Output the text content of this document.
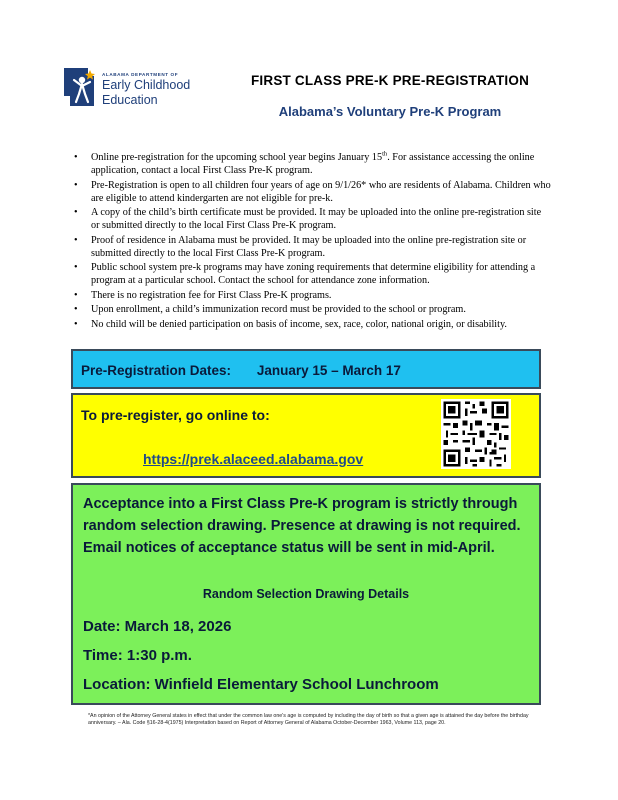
ALABAMA DEPARTMENT OF
Early Childhood
Education
FIRST CLASS PRE-K PRE-REGISTRATION
Alabama’s Voluntary Pre-K Program
• Online pre-registration for the upcoming school year begins January 15th. For assistance accessing the online application, contact a local First Class Pre-K program.
• Pre-Registration is open to all children four years of age on 9/1/26* who are residents of Alabama. Children who are eligible to attend kindergarten are not eligible for pre-k.
• A copy of the child’s birth certificate must be provided. It may be uploaded into the online pre-registration site or submitted directly to the local First Class Pre-K program.
• Proof of residence in Alabama must be provided. It may be uploaded into the online pre-registration site or submitted directly to the local First Class Pre-K program.
• Public school system pre-k programs may have zoning requirements that determine eligibility for attending a program at a particular school. Contact the school for attendance zone information.
• There is no registration fee for First Class Pre-K programs.
• Upon enrollment, a child’s immunization record must be provided to the school or program.
• No child will be denied participation on basis of income, sex, race, color, national origin, or disability.
Pre-Registration Dates: January 15 – March 17
To pre-register, go online to:
https://prek.alaceed.alabama.gov
Acceptance into a First Class Pre-K program is strictly through random selection drawing. Presence at drawing is not required. Email notices of acceptance status will be sent in mid-April.
Random Selection Drawing Details
Date: March 18, 2026
Time: 1:30 p.m.
Location: Winfield Elementary School Lunchroom
*An opinion of the Attorney General states in effect that under the common law one's age is computed by including the day of birth so that a given age is attained the day before the birthday anniversary. – Ala. Code §16-28-4(1975) Interpretation based on Report of Attorney General of Alabama October-December 1963, Volume 113, page 20.
